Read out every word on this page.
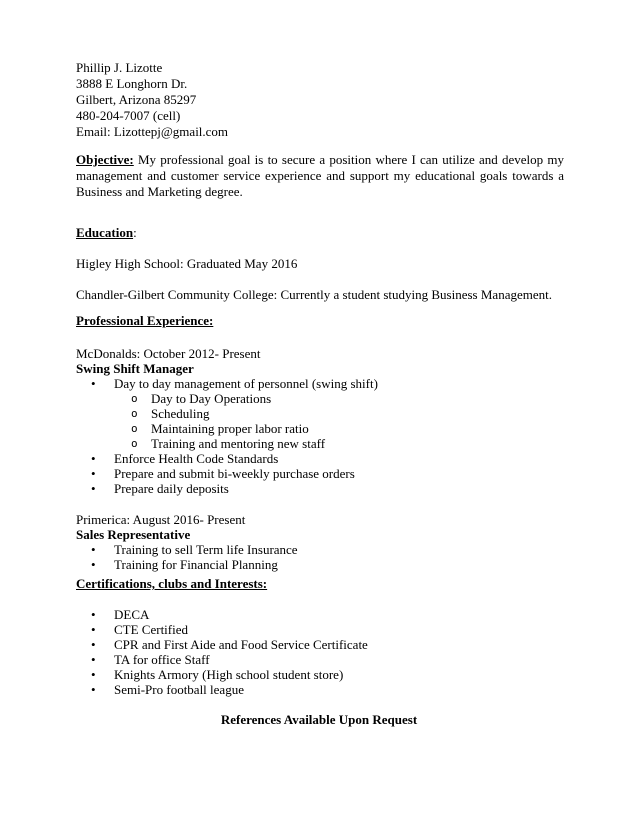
Phillip J. Lizotte
3888 E Longhorn Dr.
Gilbert, Arizona 85297
480-204-7007 (cell)
Email: Lizottepj@gmail.com
Objective: My professional goal is to secure a position where I can utilize and develop my management and customer service experience and support my educational goals towards a Business and Marketing degree.
Education:
Higley High School: Graduated May 2016
Chandler-Gilbert Community College: Currently a student studying Business Management.
Professional Experience:
McDonalds: October 2012- Present
Swing Shift Manager
• Day to day management of personnel (swing shift)
o Day to Day Operations
o Scheduling
o Maintaining proper labor ratio
o Training and mentoring new staff
• Enforce Health Code Standards
• Prepare and submit bi-weekly purchase orders
• Prepare daily deposits
Primerica: August 2016- Present
Sales Representative
• Training to sell Term life Insurance
• Training for Financial Planning
Certifications, clubs and Interests:
• DECA
• CTE Certified
• CPR and First Aide and Food Service Certificate
• TA for office Staff
• Knights Armory (High school student store)
• Semi-Pro football league
References Available Upon Request
